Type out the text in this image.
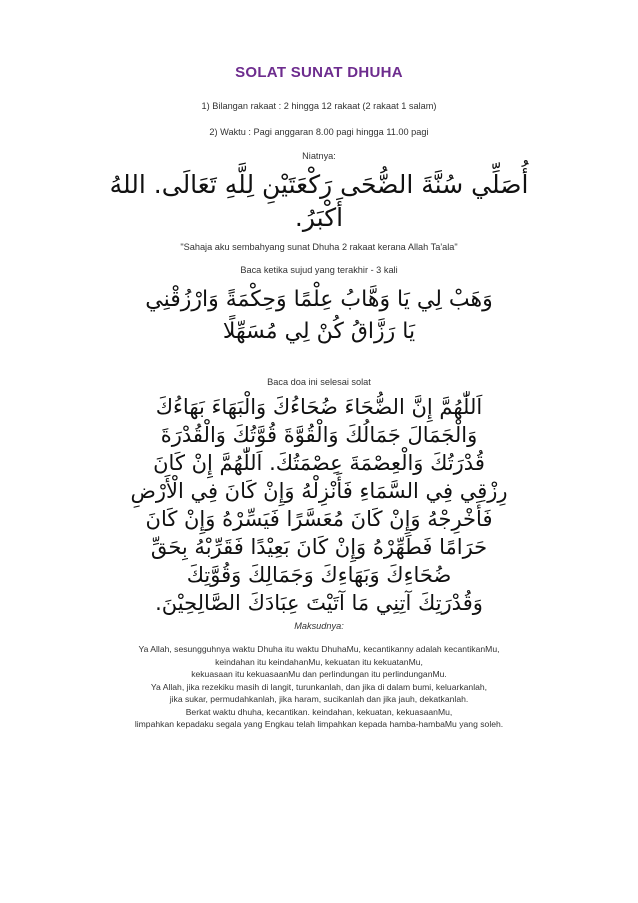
SOLAT SUNAT DHUHA
1) Bilangan rakaat : 2 hingga 12 rakaat (2 rakaat 1 salam)
2) Waktu : Pagi anggaran 8.00 pagi hingga 11.00 pagi
Niatnya:
أُصَلِّي سُنَّةَ الضُّحَى رَكْعَتَيْنِ لِلَّهِ تَعَالَى. اللهُ
أَكْبَرُ.
"Sahaja aku sembahyang sunat Dhuha 2 rakaat kerana Allah Ta'ala"
Baca ketika sujud yang terakhir - 3 kali
وَهَبْ لِي يَا وَهَّابُ عِلْمًا وَحِكْمَةً وَارْزُقْنِي
يَا رَزَّاقُ كُنْ لِي مُسَهِّلًا
Baca doa ini selesai solat
اَللّٰهُمَّ إِنَّ الضُّحَاءَ ضُحَاءُكَ وَالْبَهَاءَ بَهَاءُكَ
وَالْجَمَالَ جَمَالُكَ وَالْقُوَّةَ قُوَّتُكَ وَالْقُدْرَةَ
قُدْرَتُكَ وَالْعِصْمَةَ عِصْمَتُكَ. اَللّٰهُمَّ إِنْ كَانَ
رِزْقِي فِي السَّمَاءِ فَأَنْزِلْهُ وَإِنْ كَانَ فِي الْأَرْضِ
فَأَخْرِجْهُ وَإِنْ كَانَ مُعَسَّرًا فَيَسِّرْهُ وَإِنْ كَانَ
حَرَامًا فَطَهِّرْهُ وَإِنْ كَانَ بَعِيْدًا فَقَرِّبْهُ بِحَقِّ
ضُحَاءِكَ وَبَهَاءِكَ وَجَمَالِكَ وَقُوَّتِكَ
وَقُدْرَتِكَ آتِنِي مَا آتَيْتَ عِبَادَكَ الصَّالِحِيْنَ.
Maksudnya:
Ya Allah, sesungguhnya waktu Dhuha itu waktu DhuhaMu, kecantikanny adalah kecantikanMu,
keindahan itu keindahanMu, kekuatan itu kekuatanMu,
kekuasaan itu kekuasaanMu dan perlindungan itu perlindunganMu.
Ya Allah, jika rezekiku masih di langit, turunkanlah, dan jika di dalam bumi, keluarkanlah,
jika sukar, permudahkanlah, jika haram, sucikanlah dan jika jauh, dekatkanlah.
Berkat waktu dhuha, kecantikan. keindahan, kekuatan, kekuasaanMu,
limpahkan kepadaku segala yang Engkau telah limpahkan kepada hamba-hambaMu yang soleh.
